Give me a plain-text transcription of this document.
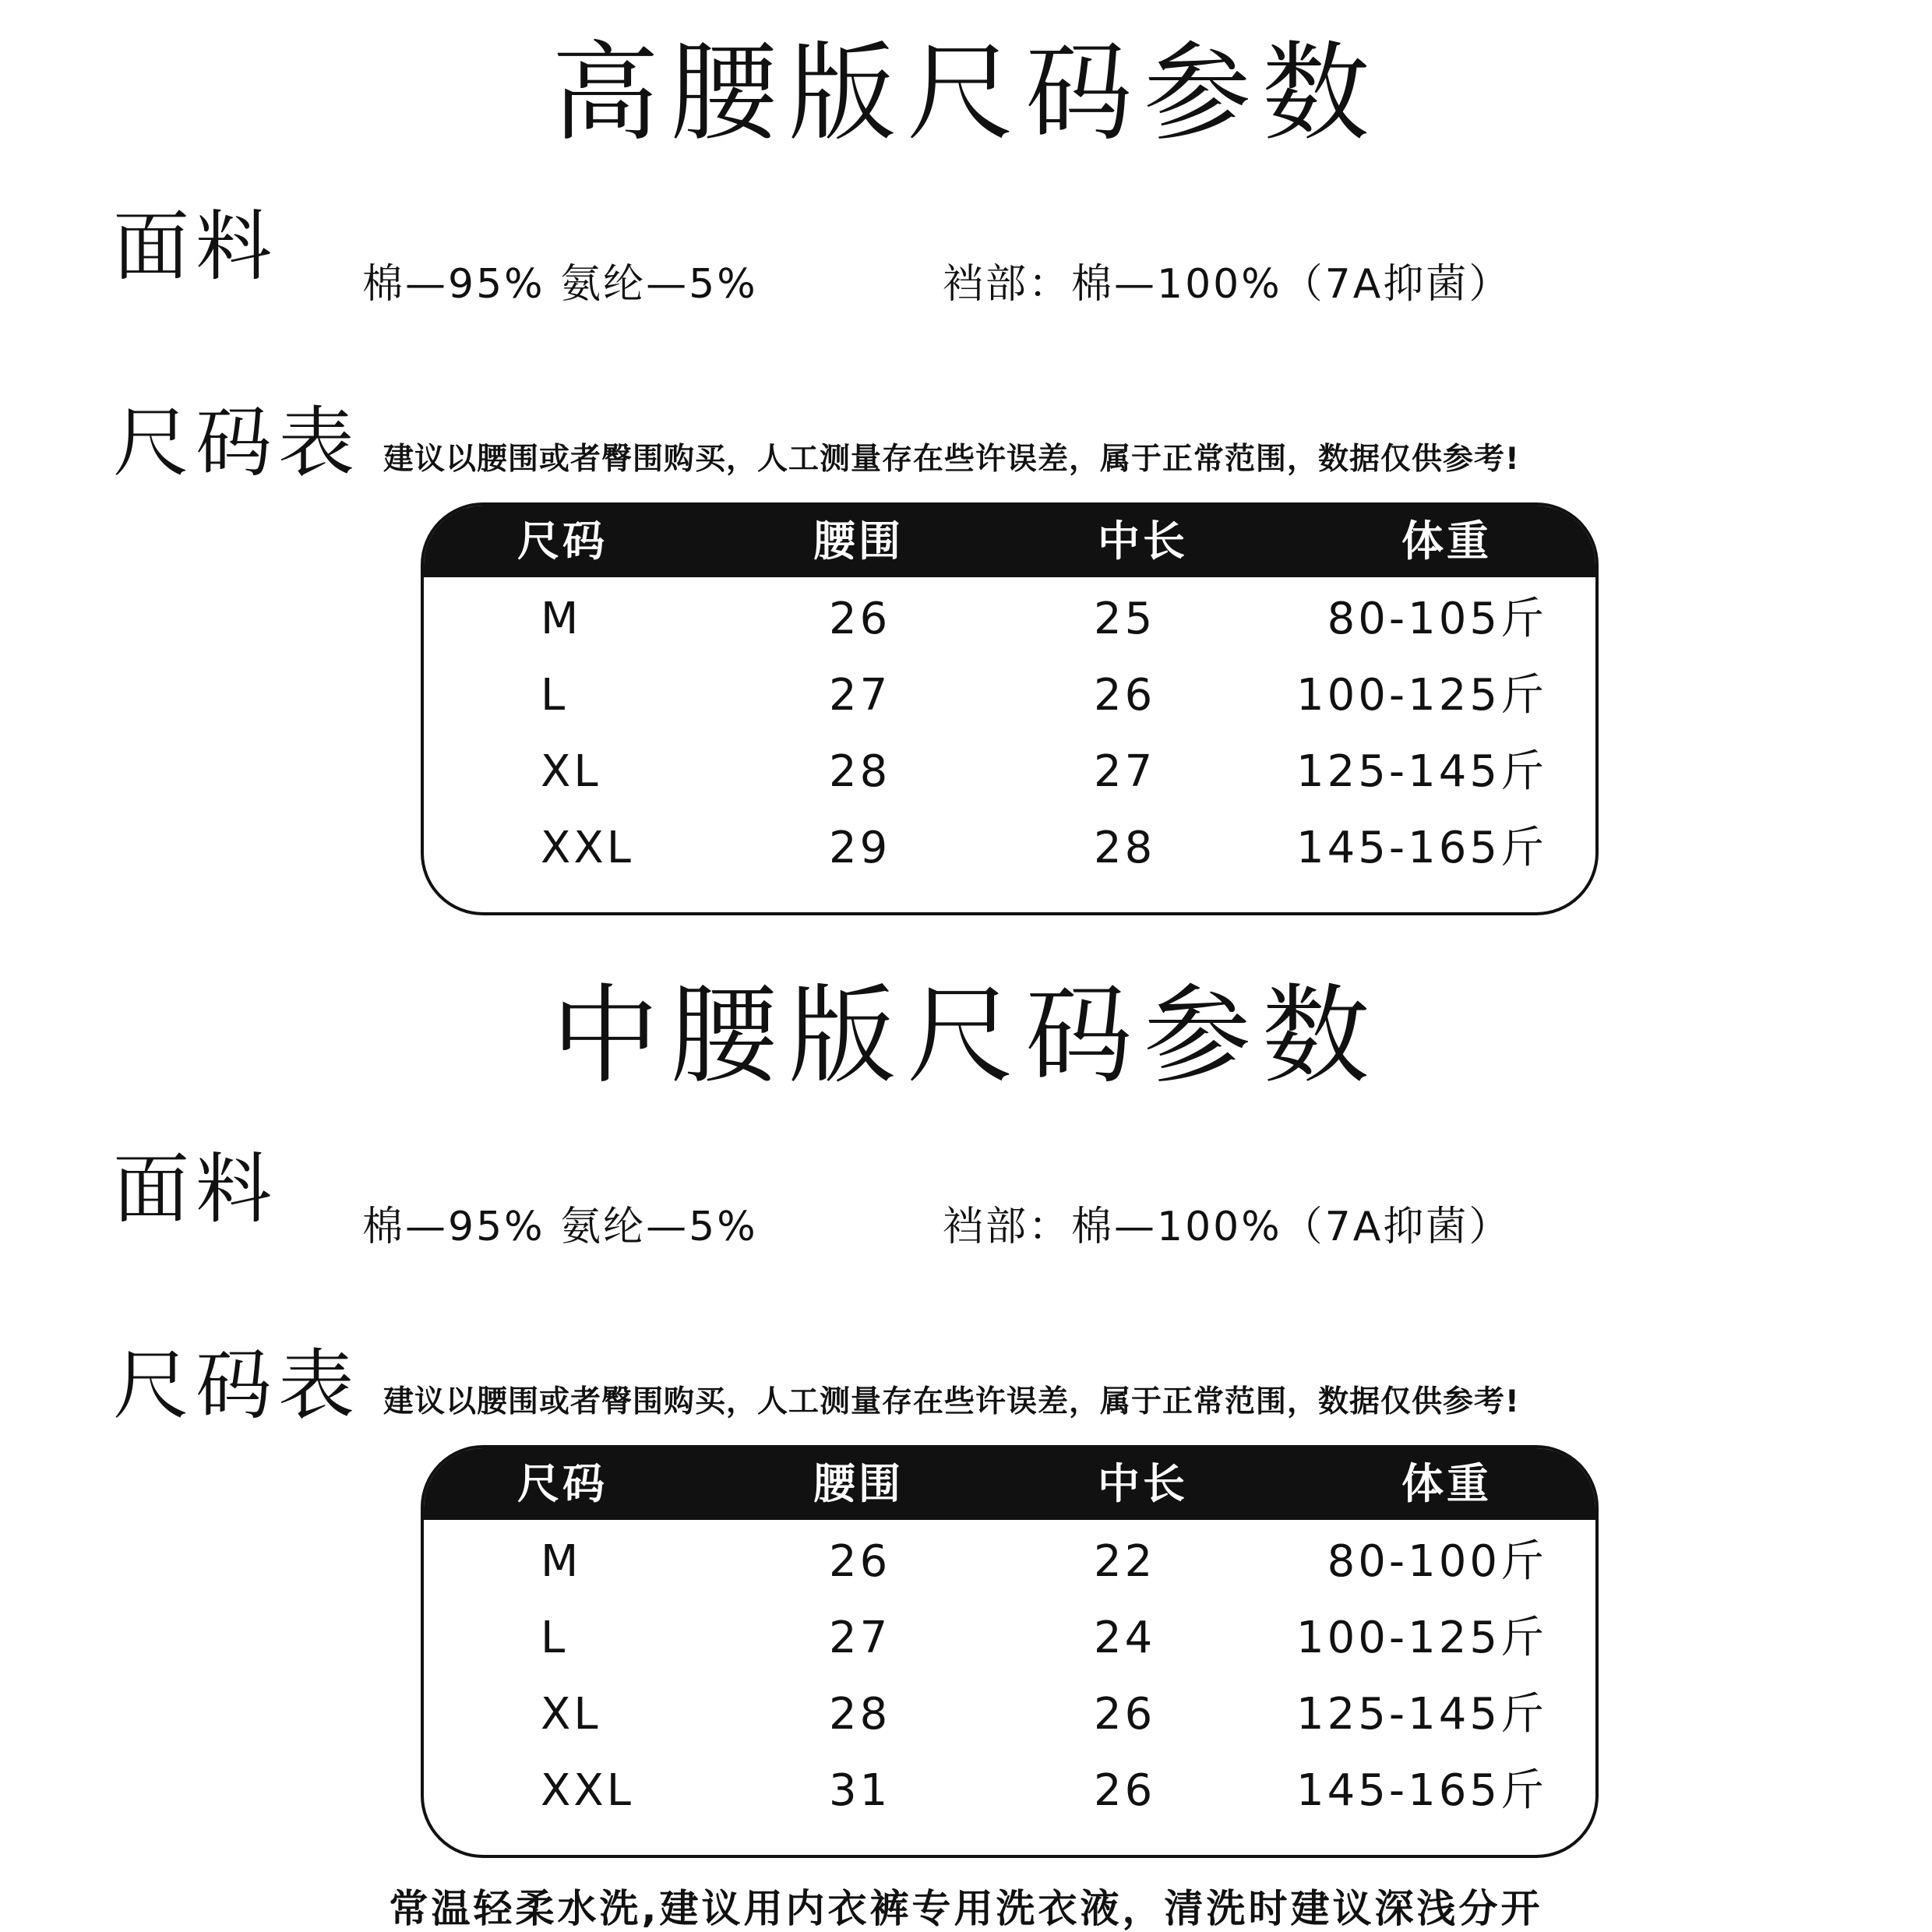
高腰版尺码参数
面料 棉—95% 氨纶—5%	裆部：棉—100%（7A抑菌）
尺码表 建议以腰围或者臀围购买，人工测量存在些许误差，属于正常范围，数据仅供参考!
尺码	腰围	中长	体重
M	26	25	80-105斤
L	27	26	100-125斤
XL	28	27	125-145斤
XXL	29	28	145-165斤
中腰版尺码参数
面料 棉—95% 氨纶—5%	裆部：棉—100%（7A抑菌）
尺码表 建议以腰围或者臀围购买，人工测量存在些许误差，属于正常范围，数据仅供参考!
尺码	腰围	中长	体重
M	26	22	80-100斤
L	27	24	100-125斤
XL	28	26	125-145斤
XXL	31	26	145-165斤
常温轻柔水洗,建议用内衣裤专用洗衣液，清洗时建议深浅分开
